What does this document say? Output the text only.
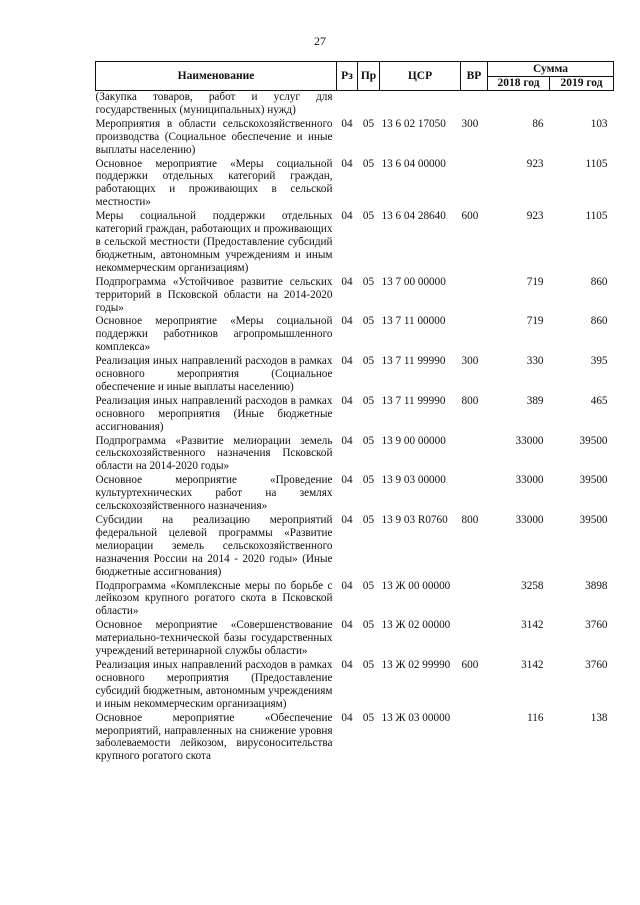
27
Наименование	Рз	Пр	ЦСР	ВР	Сумма	
					2018 год	2019 год
(Закупка товаров, работ и услуг для государственных (муниципальных) нужд)						
Мероприятия в области сельскохозяйственного производства (Социальное обеспечение и иные выплаты населению)	04	05	13 6 02 17050	300	86	103
Основное мероприятие «Меры социальной поддержки отдельных категорий граждан, работающих и проживающих в сельской местности»	04	05	13 6 04 00000		923	1105
Меры социальной поддержки отдельных категорий граждан, работающих и проживающих в сельской местности (Предоставление субсидий бюджетным, автономным учреждениям и иным некоммерческим организациям)	04	05	13 6 04 28640	600	923	1105
Подпрограмма «Устойчивое развитие сельских территорий в Псковской области на 2014-2020 годы»	04	05	13 7 00 00000		719	860
Основное мероприятие «Меры социальной поддержки работников агропромышленного комплекса»	04	05	13 7 11 00000		719	860
Реализация иных направлений расходов в рамках основного мероприятия (Социальное обеспечение и иные выплаты населению)	04	05	13 7 11 99990	300	330	395
Реализация иных направлений расходов в рамках основного мероприятия (Иные бюджетные ассигнования)	04	05	13 7 11 99990	800	389	465
Подпрограмма «Развитие мелиорации земель сельскохозяйственного назначения Псковской области на 2014-2020 годы»	04	05	13 9 00 00000		33000	39500
Основное мероприятие «Проведение культуртехнических работ на землях сельскохозяйственного назначения»	04	05	13 9 03 00000		33000	39500
Субсидии на реализацию мероприятий федеральной целевой программы «Развитие мелиорации земель сельскохозяйственного назначения России на 2014 - 2020 годы» (Иные бюджетные ассигнования)	04	05	13 9 03 R0760	800	33000	39500
Подпрограмма «Комплексные меры по борьбе с лейкозом крупного рогатого скота в Псковской области»	04	05	13 Ж 00 00000		3258	3898
Основное мероприятие «Совершенствование материально-технической базы государственных учреждений ветеринарной службы области»	04	05	13 Ж 02 00000		3142	3760
Реализация иных направлений расходов в рамках основного мероприятия (Предоставление субсидий бюджетным, автономным учреждениям и иным некоммерческим организациям)	04	05	13 Ж 02 99990	600	3142	3760
Основное мероприятие «Обеспечение мероприятий, направленных на снижение уровня заболеваемости лейкозом, вирусоносительства крупного рогатого скота	04	05	13 Ж 03 00000		116	138
